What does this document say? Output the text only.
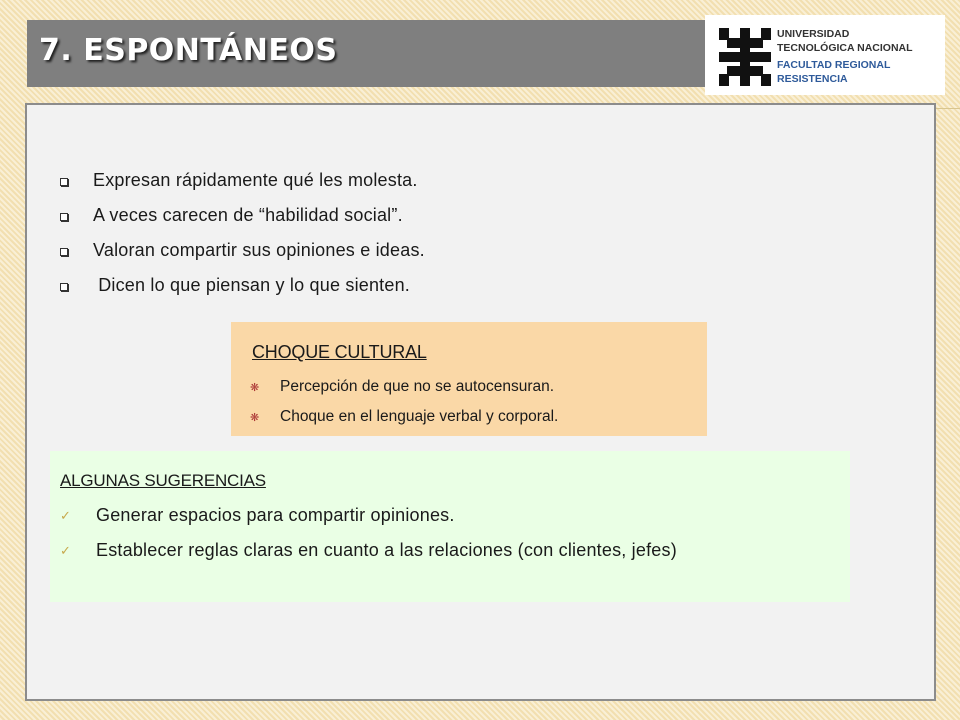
7. ESPONTÁNEOS	UNIVERSIDAD
TECNOLÓGICA NACIONAL
FACULTAD REGIONAL
RESISTENCIA
Expresan rápidamente qué les molesta.
A veces carecen de “habilidad social”.
Valoran compartir sus opiniones e ideas.
Dicen lo que piensan y lo que sienten.
CHOQUE CULTURAL
❋	Percepción de que no se autocensuran.
❋	Choque en el lenguaje verbal y corporal.
ALGUNAS SUGERENCIAS
✓	Generar espacios para compartir opiniones.
✓	Establecer reglas claras en cuanto a las relaciones (con clientes, jefes)
